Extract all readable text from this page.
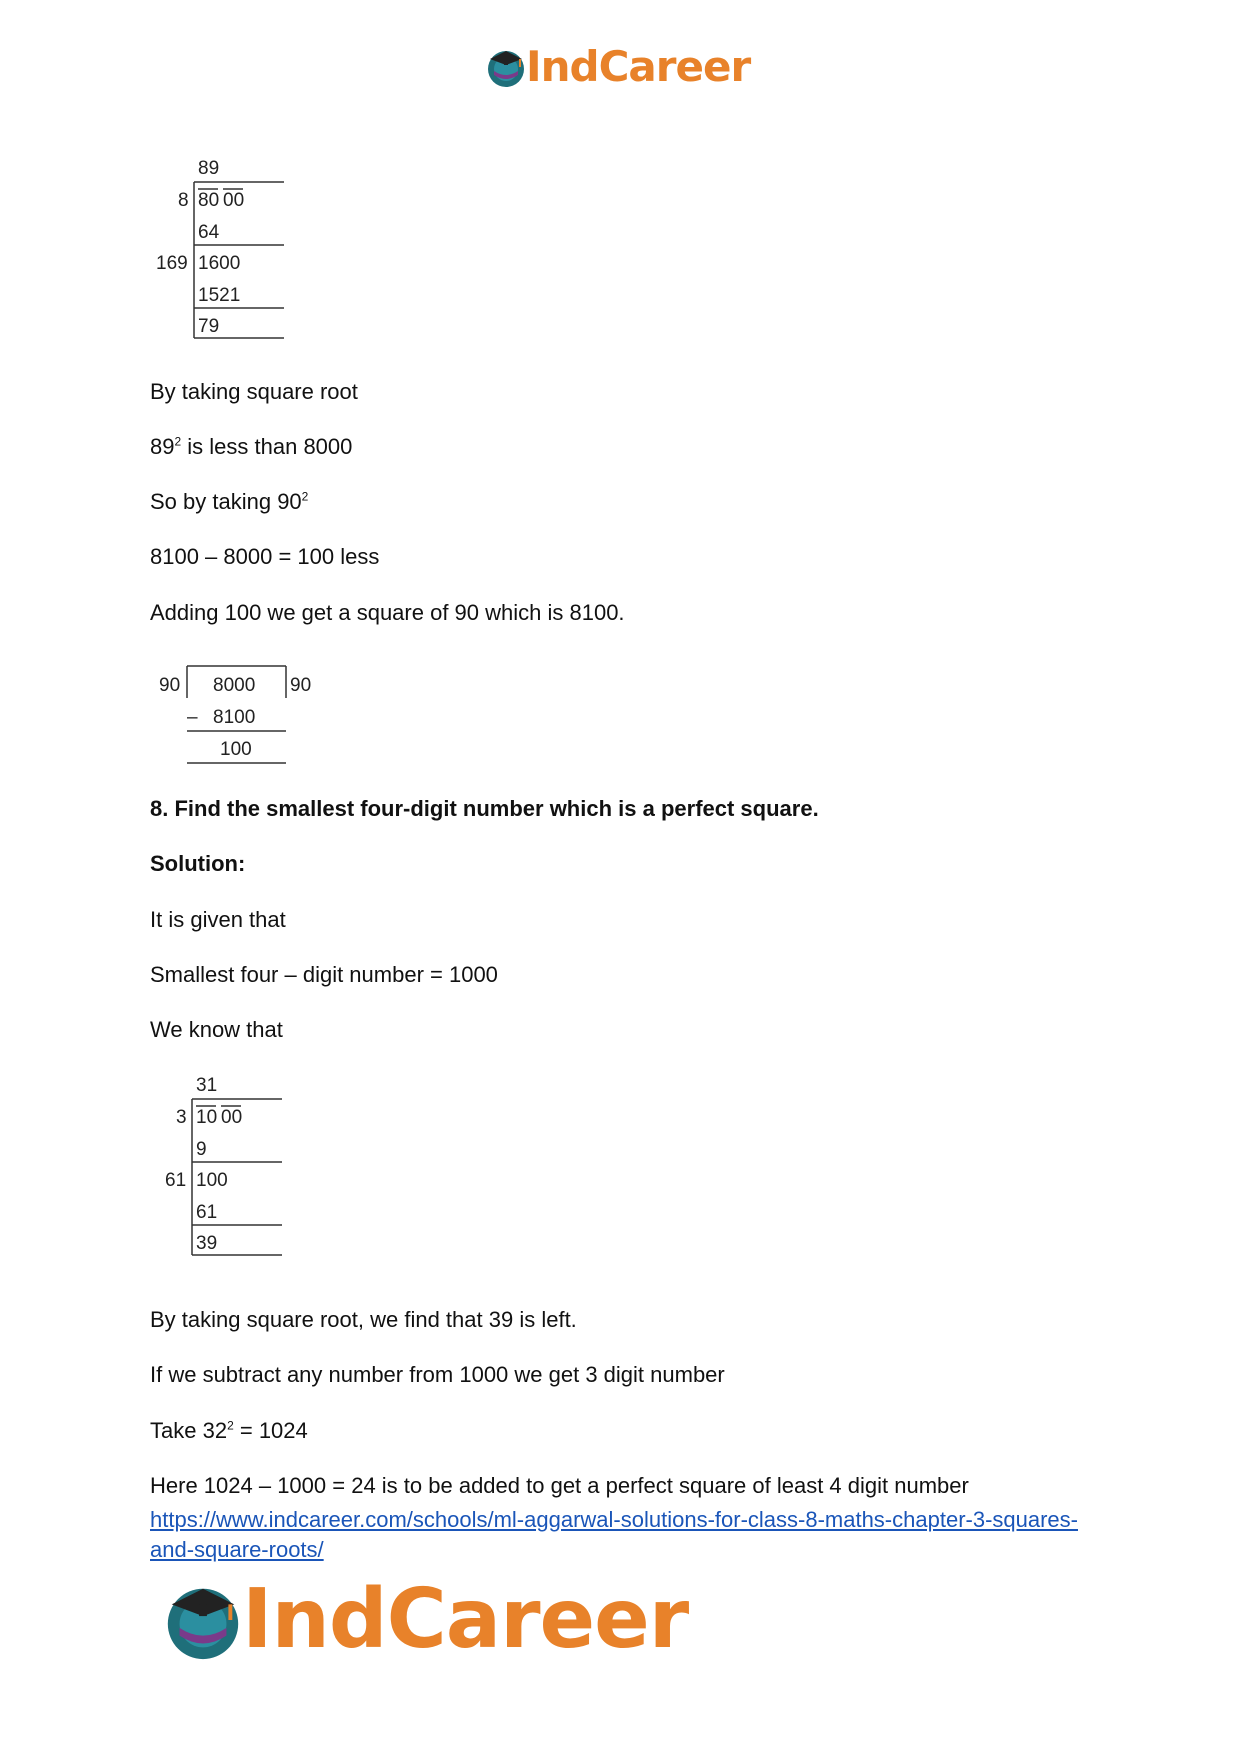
IndCareer
89
8 80 00
64
169 1600
1521
79
By taking square root
$89^2$ is less than 8000
So by taking $90^2$
8100 – 8000 = 100 less
Adding 100 we get a square of 90 which is 8100.
90 8000 90
– 8100
100
8. Find the smallest four-digit number which is a perfect square.
Solution:
It is given that
Smallest four – digit number = 1000
We know that
31
3 10 00
9
61 100
61
39
By taking square root, we find that 39 is left.
If we subtract any number from 1000 we get 3 digit number
Take $32^2 = 1024$
Here 1024 – 1000 = 24 is to be added to get a perfect square of least 4 digit number
https://www.indcareer.com/schools/ml-aggarwal-solutions-for-class-8-maths-chapter-3-squares-and-square-roots/
IndCareer
